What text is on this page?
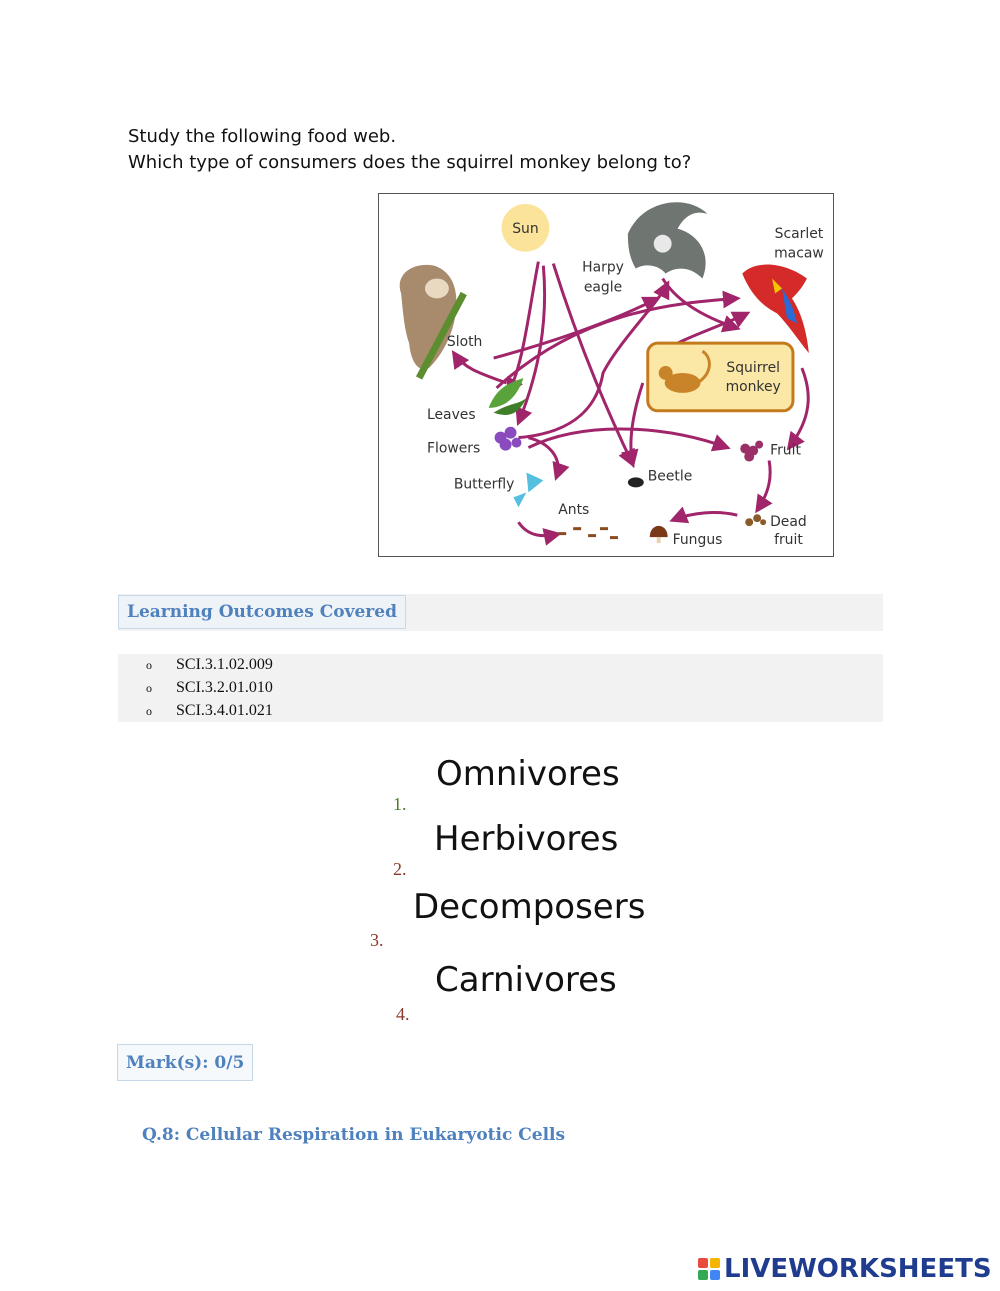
Study the following food web.
Which type of consumers does the squirrel monkey belong to?
Sun
Harpy
eagle
Scarlet
macaw
Sloth
Squirrel
monkey
Leaves
Flowers
Butterfly	Beetle
Fruit
Ants
Fungus
Dead
fruit
Learning Outcomes Covered
o SCI.3.1.02.009
o SCI.3.2.01.010
o SCI.3.4.01.021
Omnivores
1.
Herbivores
2.
Decomposers
3.
Carnivores
4.
Mark(s): 0/5
Q.8: Cellular Respiration in Eukaryotic Cells
LIVEWORKSHEETS
